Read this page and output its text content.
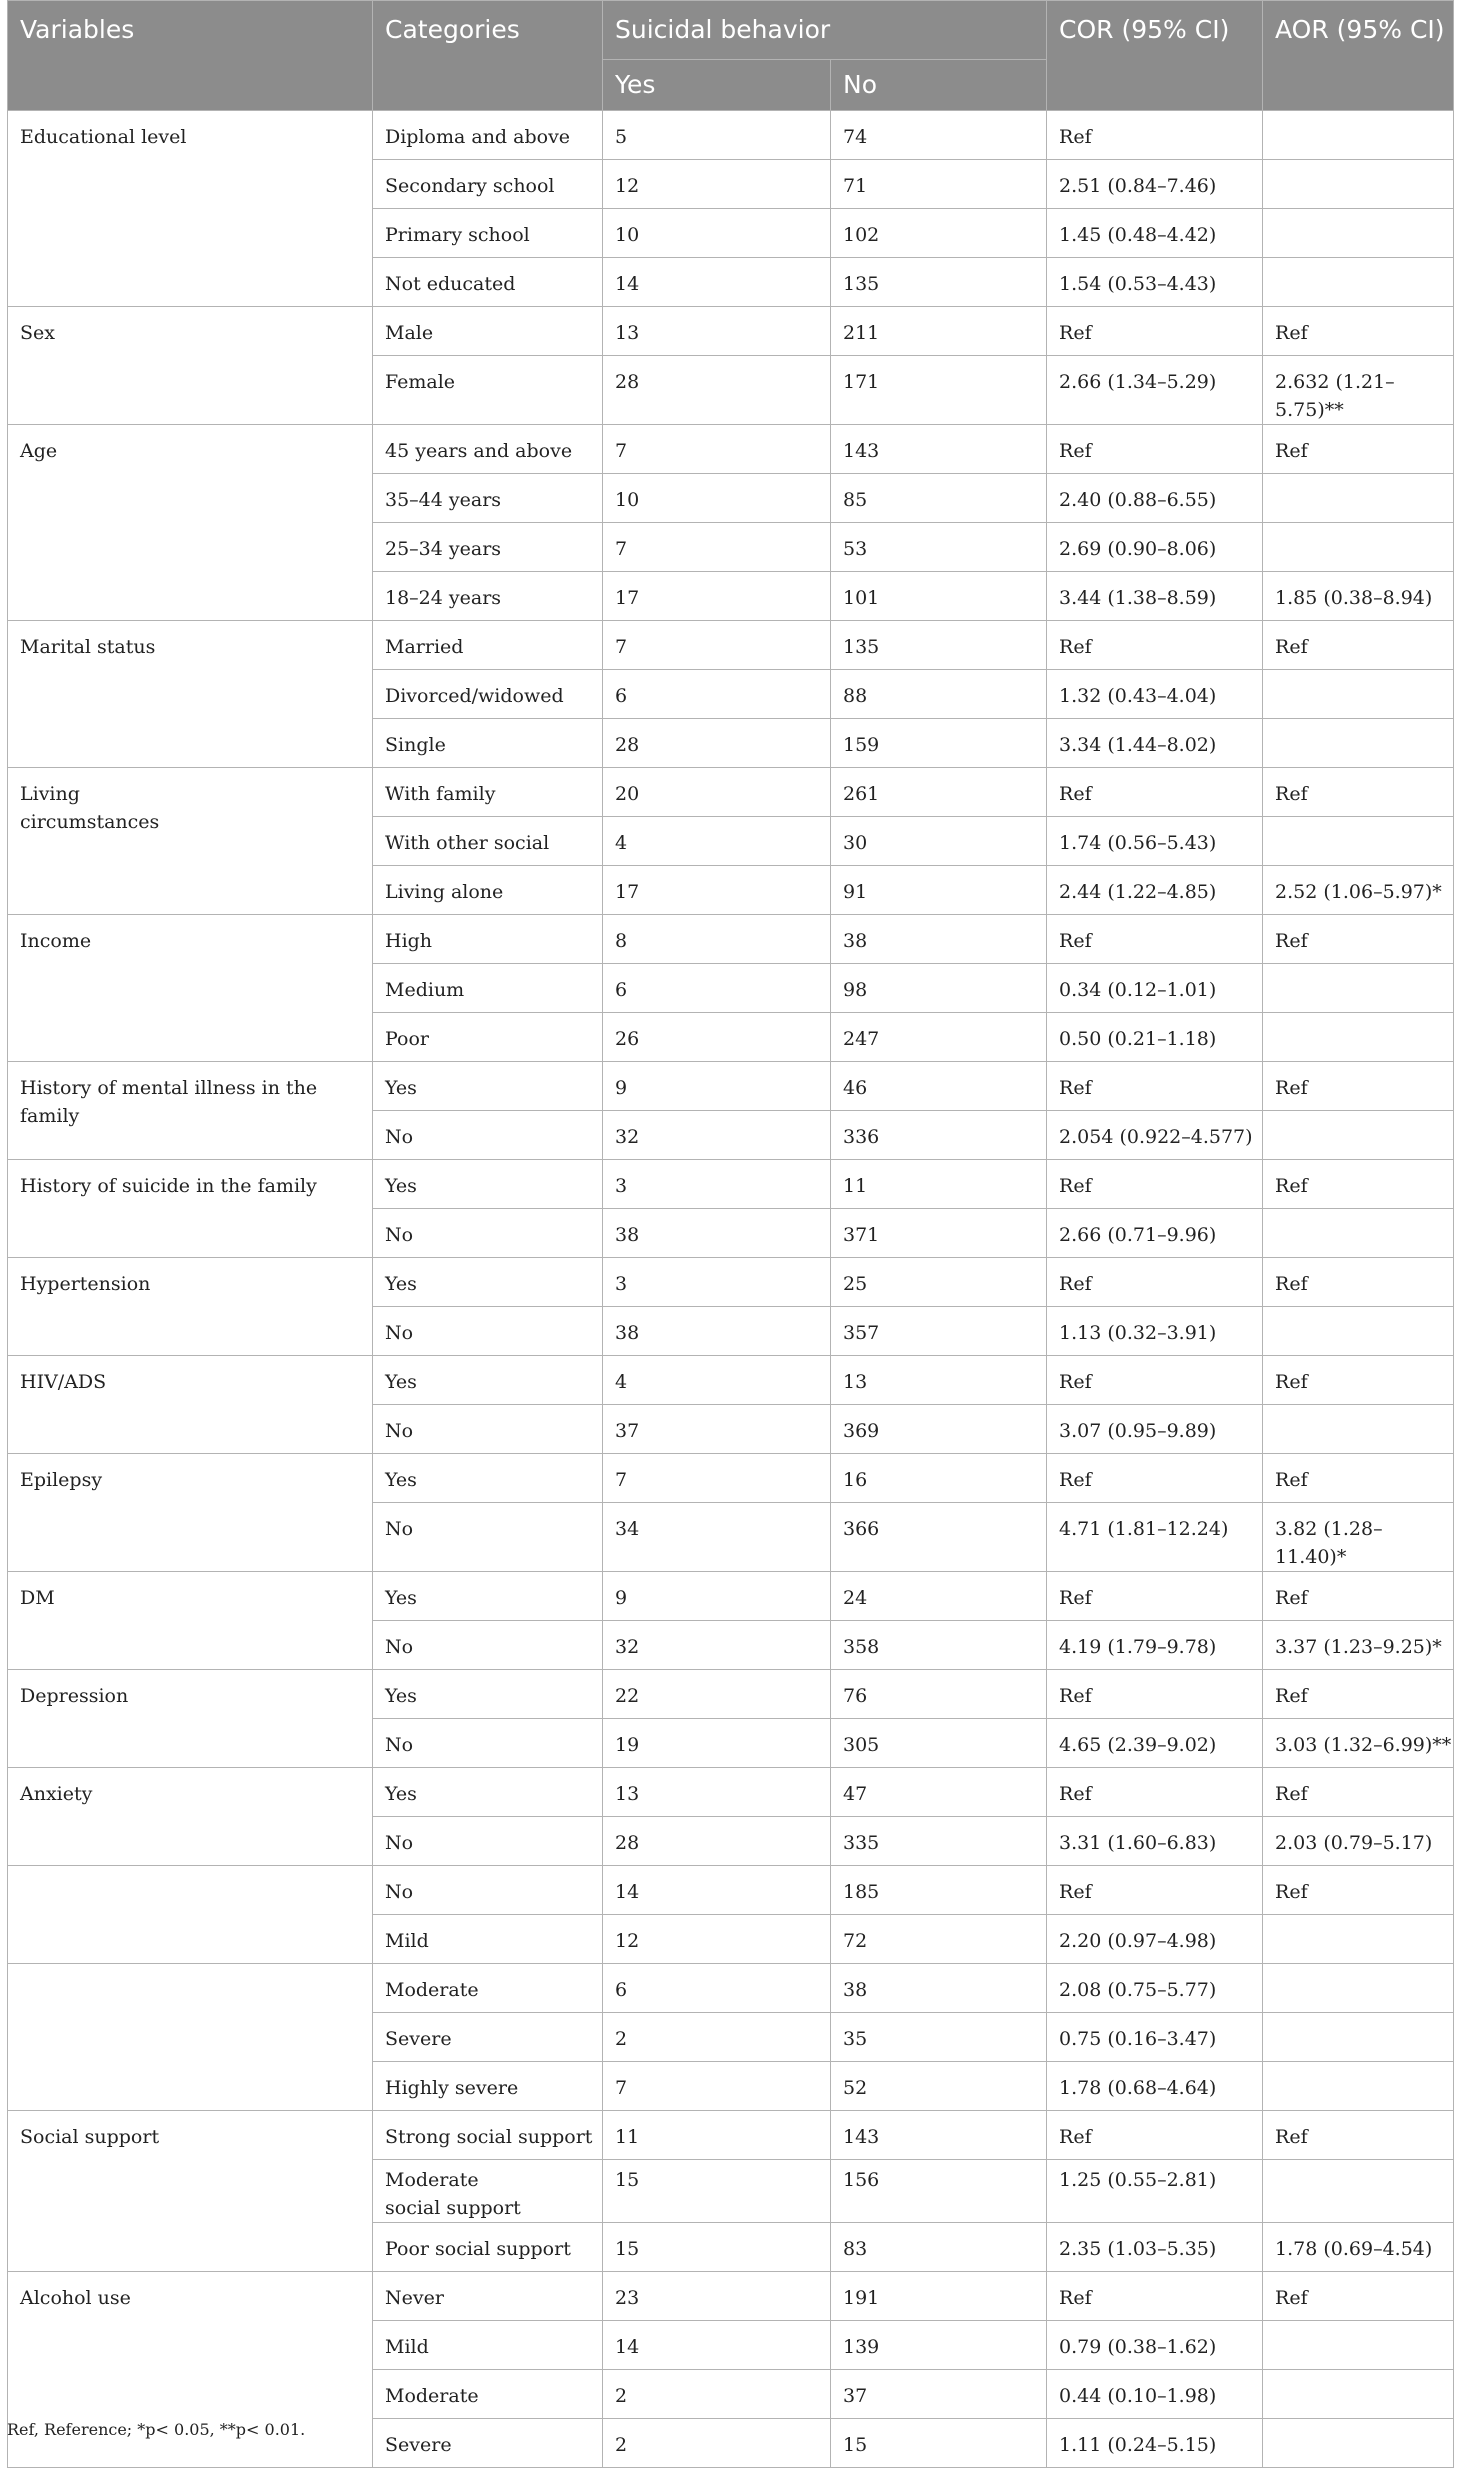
Variables	Categories	Suicidal behavior		COR (95% CI)	AOR (95% CI)
		Yes	No		
Educational level	Diploma and above	5	74	Ref	
	Secondary school	12	71	2.51 (0.84–7.46)	
	Primary school	10	102	1.45 (0.48–4.42)	
	Not educated	14	135	1.54 (0.53–4.43)	
Sex	Male	13	211	Ref	Ref
	Female	28	171	2.66 (1.34–5.29)	2.632 (1.21–5.75)**
Age	45 years and above	7	143	Ref	Ref
	35–44 years	10	85	2.40 (0.88–6.55)	
	25–34 years	7	53	2.69 (0.90–8.06)	
	18–24 years	17	101	3.44 (1.38–8.59)	1.85 (0.38–8.94)
Marital status	Married	7	135	Ref	Ref
	Divorced/widowed	6	88	1.32 (0.43–4.04)	
	Single	28	159	3.34 (1.44–8.02)	
Living
circumstances	With family	20	261	Ref	Ref
	With other social	4	30	1.74 (0.56–5.43)	
	Living alone	17	91	2.44 (1.22–4.85)	2.52 (1.06–5.97)*
Income	High	8	38	Ref	Ref
	Medium	6	98	0.34 (0.12–1.01)	
	Poor	26	247	0.50 (0.21–1.18)	
History of mental illness in the family	Yes	9	46	Ref	Ref
	No	32	336	2.054 (0.922–4.577)	
History of suicide in the family	Yes	3	11	Ref	Ref
	No	38	371	2.66 (0.71–9.96)	
Hypertension	Yes	3	25	Ref	Ref
	No	38	357	1.13 (0.32–3.91)	
HIV/ADS	Yes	4	13	Ref	Ref
	No	37	369	3.07 (0.95–9.89)	
Epilepsy	Yes	7	16	Ref	Ref
	No	34	366	4.71 (1.81–12.24)	3.82 (1.28–11.40)*
DM	Yes	9	24	Ref	Ref
	No	32	358	4.19 (1.79–9.78)	3.37 (1.23–9.25)*
Depression	Yes	22	76	Ref	Ref
	No	19	305	4.65 (2.39–9.02)	3.03 (1.32–6.99)**
Anxiety	Yes	13	47	Ref	Ref
	No	28	335	3.31 (1.60–6.83)	2.03 (0.79–5.17)
	No	14	185	Ref	Ref
	Mild	12	72	2.20 (0.97–4.98)	
	Moderate	6	38	2.08 (0.75–5.77)	
	Severe	2	35	0.75 (0.16–3.47)	
	Highly severe	7	52	1.78 (0.68–4.64)	
Social support	Strong social support	11	143	Ref	Ref
	Moderate
social support	15	156	1.25 (0.55–2.81)	
	Poor social support	15	83	2.35 (1.03–5.35)	1.78 (0.69–4.54)
Alcohol use	Never	23	191	Ref	Ref
	Mild	14	139	0.79 (0.38–1.62)	
	Moderate	2	37	0.44 (0.10–1.98)	
	Severe	2	15	1.11 (0.24–5.15)	
Ref, Reference; *p< 0.05, **p< 0.01.
